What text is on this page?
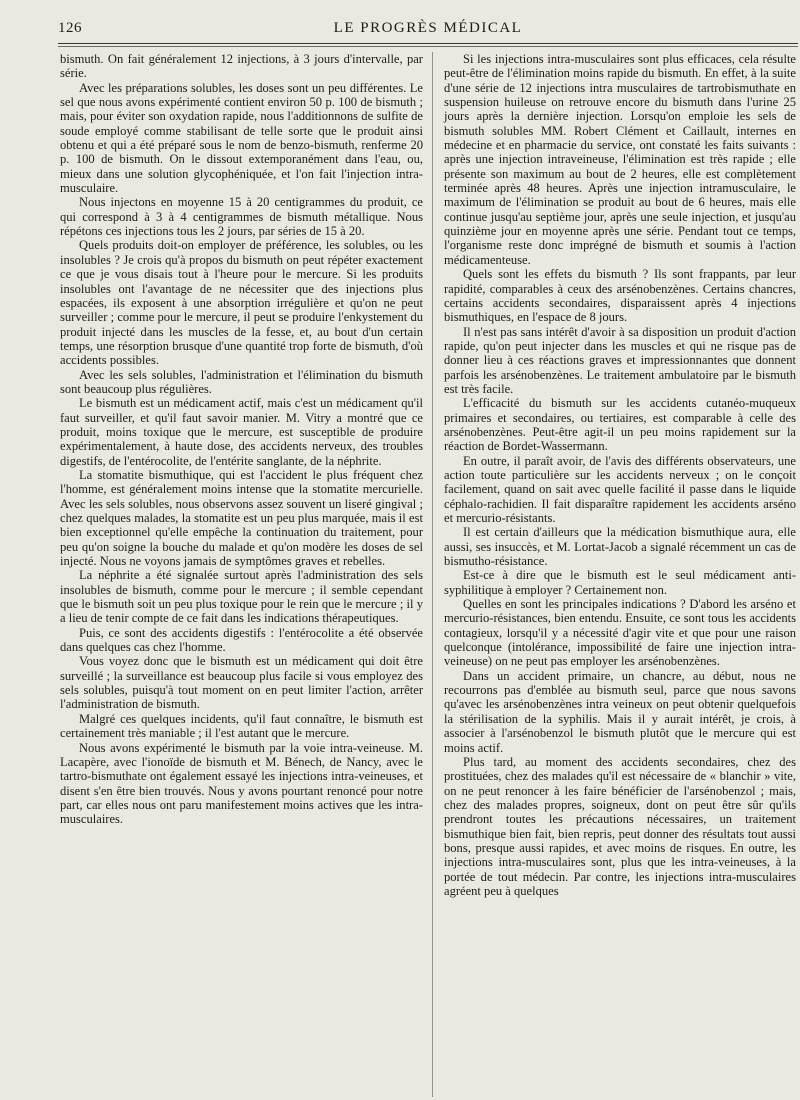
126	LE PROGRÈS MÉDICAL

bismuth. On fait généralement 12 injections, à 3 jours d'intervalle, par série.

Avec les préparations solubles, les doses sont un peu différentes. Le sel que nous avons expérimenté contient environ 50 p. 100 de bismuth ; mais, pour éviter son oxydation rapide, nous l'additionnons de sulfite de soude employé comme stabilisant de telle sorte que le produit ainsi obtenu et qui a été préparé sous le nom de benzo-bismuth, renferme 20 p. 100 de bismuth. On le dissout extemporanément dans l'eau, ou, mieux dans une solution glycophéniquée, et l'on fait l'injection intra-musculaire.

Nous injectons en moyenne 15 à 20 centigrammes du produit, ce qui correspond à 3 à 4 centigrammes de bismuth métallique. Nous répétons ces injections tous les 2 jours, par séries de 15 à 20.

Quels produits doit-on employer de préférence, les solubles, ou les insolubles ? Je crois qu'à propos du bismuth on peut répéter exactement ce que je vous disais tout à l'heure pour le mercure. Si les produits insolubles ont l'avantage de ne nécessiter que des injections plus espacées, ils exposent à une absorption irrégulière et qu'on ne peut surveiller ; comme pour le mercure, il peut se produire l'enkystement du produit injecté dans les muscles de la fesse, et, au bout d'un certain temps, une résorption brusque d'une quantité trop forte de bismuth, d'où accidents possibles.

Avec les sels solubles, l'administration et l'élimination du bismuth sont beaucoup plus régulières.

Le bismuth est un médicament actif, mais c'est un médicament qu'il faut surveiller, et qu'il faut savoir manier. M. Vitry a montré que ce produit, moins toxique que le mercure, est susceptible de produire expérimentalement, à haute dose, des accidents nerveux, des troubles digestifs, de l'entérocolite, de l'entérite sanglante, de la néphrite.

La stomatite bismuthique, qui est l'accident le plus fréquent chez l'homme, est généralement moins intense que la stomatite mercurielle. Avec les sels solubles, nous observons assez souvent un liseré gingival ; chez quelques malades, la stomatite est un peu plus marquée, mais il est bien exceptionnel qu'elle empêche la continuation du traitement, pour peu qu'on soigne la bouche du malade et qu'on modère les doses de sel injecté. Nous ne voyons jamais de symptômes graves et rebelles.

La néphrite a été signalée surtout après l'administration des sels insolubles de bismuth, comme pour le mercure ; il semble cependant que le bismuth soit un peu plus toxique pour le rein que le mercure ; il y a lieu de tenir compte de ce fait dans les indications thérapeutiques.

Puis, ce sont des accidents digestifs : l'entérocolite a été observée dans quelques cas chez l'homme.

Vous voyez donc que le bismuth est un médicament qui doit être surveillé ; la surveillance est beaucoup plus facile si vous employez des sels solubles, puisqu'à tout moment on en peut limiter l'action, arrêter l'administration de bismuth.

Malgré ces quelques incidents, qu'il faut connaître, le bismuth est certainement très maniable ; il l'est autant que le mercure.

Nous avons expérimenté le bismuth par la voie intra-veineuse. M. Lacapère, avec l'ionoïde de bismuth et M. Bénech, de Nancy, avec le tartro-bismuthate ont également essayé les injections intra-veineuses, et disent s'en être bien trouvés. Nous y avons pourtant renoncé pour notre part, car elles nous ont paru manifestement moins actives que les intra-musculaires.

Si les injections intra-musculaires sont plus efficaces, cela résulte peut-être de l'élimination moins rapide du bismuth. En effet, à la suite d'une série de 12 injections intra musculaires de tartrobismuthate en suspension huileuse on retrouve encore du bismuth dans l'urine 25 jours après la dernière injection. Lorsqu'on emploie les sels de bismuth solubles MM. Robert Clément et Caillault, internes en médecine et en pharmacie du service, ont constaté les faits suivants : après une injection intraveineuse, l'élimination est très rapide ; elle présente son maximum au bout de 2 heures, elle est complètement terminée après 48 heures. Après une injection intramusculaire, le maximum de l'élimination se produit au bout de 6 heures, mais elle continue jusqu'au septième jour, après une seule injection, et jusqu'au quinzième jour en moyenne après une série. Pendant tout ce temps, l'organisme reste donc imprégné de bismuth et soumis à l'action médicamenteuse.

Quels sont les effets du bismuth ? Ils sont frappants, par leur rapidité, comparables à ceux des arsénobenzènes. Certains chancres, certains accidents secondaires, disparaissent après 4 injections bismuthiques, en l'espace de 8 jours.

Il n'est pas sans intérêt d'avoir à sa disposition un produit d'action rapide, qu'on peut injecter dans les muscles et qui ne risque pas de donner lieu à ces réactions graves et impressionnantes que donnent parfois les arsénobenzènes. Le traitement ambulatoire par le bismuth est très facile.

L'efficacité du bismuth sur les accidents cutanéo-muqueux primaires et secondaires, ou tertiaires, est comparable à celle des arsénobenzènes. Peut-être agit-il un peu moins rapidement sur la réaction de Bordet-Wassermann.

En outre, il paraît avoir, de l'avis des différents observateurs, une action toute particulière sur les accidents nerveux ; on le conçoit facilement, quand on sait avec quelle facilité il passe dans le liquide céphalo-rachidien. Il fait disparaître rapidement les accidents arséno et mercurio-résistants.

Il est certain d'ailleurs que la médication bismuthique aura, elle aussi, ses insuccès, et M. Lortat-Jacob a signalé récemment un cas de bismutho-résistance.

Est-ce à dire que le bismuth est le seul médicament anti-syphilitique à employer ? Certainement non.

Quelles en sont les principales indications ? D'abord les arséno et mercurio-résistances, bien entendu. Ensuite, ce sont tous les accidents contagieux, lorsqu'il y a nécessité d'agir vite et que pour une raison quelconque (intolérance, impossibilité de faire une injection intra-veineuse) on ne peut pas employer les arsénobenzènes.

Dans un accident primaire, un chancre, au début, nous ne recourrons pas d'emblée au bismuth seul, parce que nous savons qu'avec les arsénobenzènes intra veineux on peut obtenir quelquefois la stérilisation de la syphilis. Mais il y aurait intérêt, je crois, à associer à l'arsénobenzol le bismuth plutôt que le mercure qui est moins actif.

Plus tard, au moment des accidents secondaires, chez des prostituées, chez des malades qu'il est nécessaire de « blanchir » vite, on ne peut renoncer à les faire bénéficier de l'arsénobenzol ; mais, chez des malades propres, soigneux, dont on peut être sûr qu'ils prendront toutes les précautions nécessaires, un traitement bismuthique bien fait, bien repris, peut donner des résultats tout aussi bons, presque aussi rapides, et avec moins de risques. En outre, les injections intra-musculaires sont, plus que les intra-veineuses, à la portée de tout médecin. Par contre, les injections intra-musculaires agréent peu à quelques
